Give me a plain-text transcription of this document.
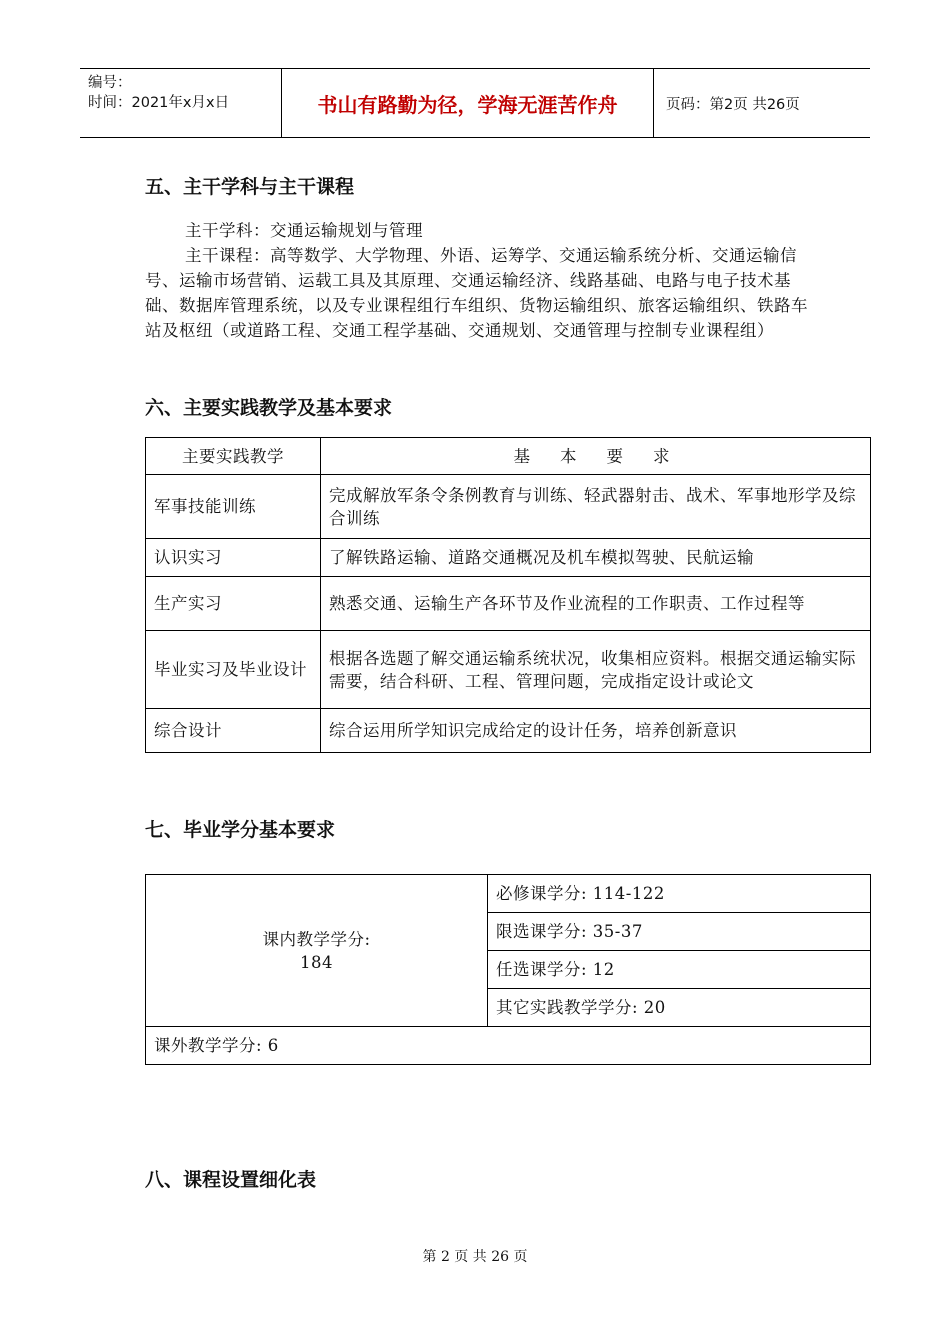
编号：
时间：2021年x月x日	书山有路勤为径，学海无涯苦作舟	页码：第2页 共26页
五、主干学科与主干课程

主干学科：交通运输规划与管理

主干课程：高等数学、大学物理、外语、运筹学、交通运输系统分析、交通运输信号、运输市场营销、运载工具及其原理、交通运输经济、线路基础、电路与电子技术基础、数据库管理系统，以及专业课程组行车组织、货物运输组织、旅客运输组织、铁路车站及枢纽（或道路工程、交通工程学基础、交通规划、交通管理与控制专业课程组）

六、主要实践教学及基本要求
主要实践教学	基本要求
军事技能训练	完成解放军条令条例教育与训练、轻武器射击、战术、军事地形学及综合训练
认识实习	了解铁路运输、道路交通概况及机车模拟驾驶、民航运输
生产实习	熟悉交通、运输生产各环节及作业流程的工作职责、工作过程等
毕业实习及毕业设计	根据各选题了解交通运输系统状况，收集相应资料。根据交通运输实际需要，结合科研、工程、管理问题，完成指定设计或论文
综合设计	综合运用所学知识完成给定的设计任务，培养创新意识
七、毕业学分基本要求
课内教学学分:
184
	必修课学分: 114-122
限选课学分: 35-37
任选课学分: 12
其它实践教学学分: 20
课外教学学分: 6
八、课程设置细化表
第 2 页 共 26 页
